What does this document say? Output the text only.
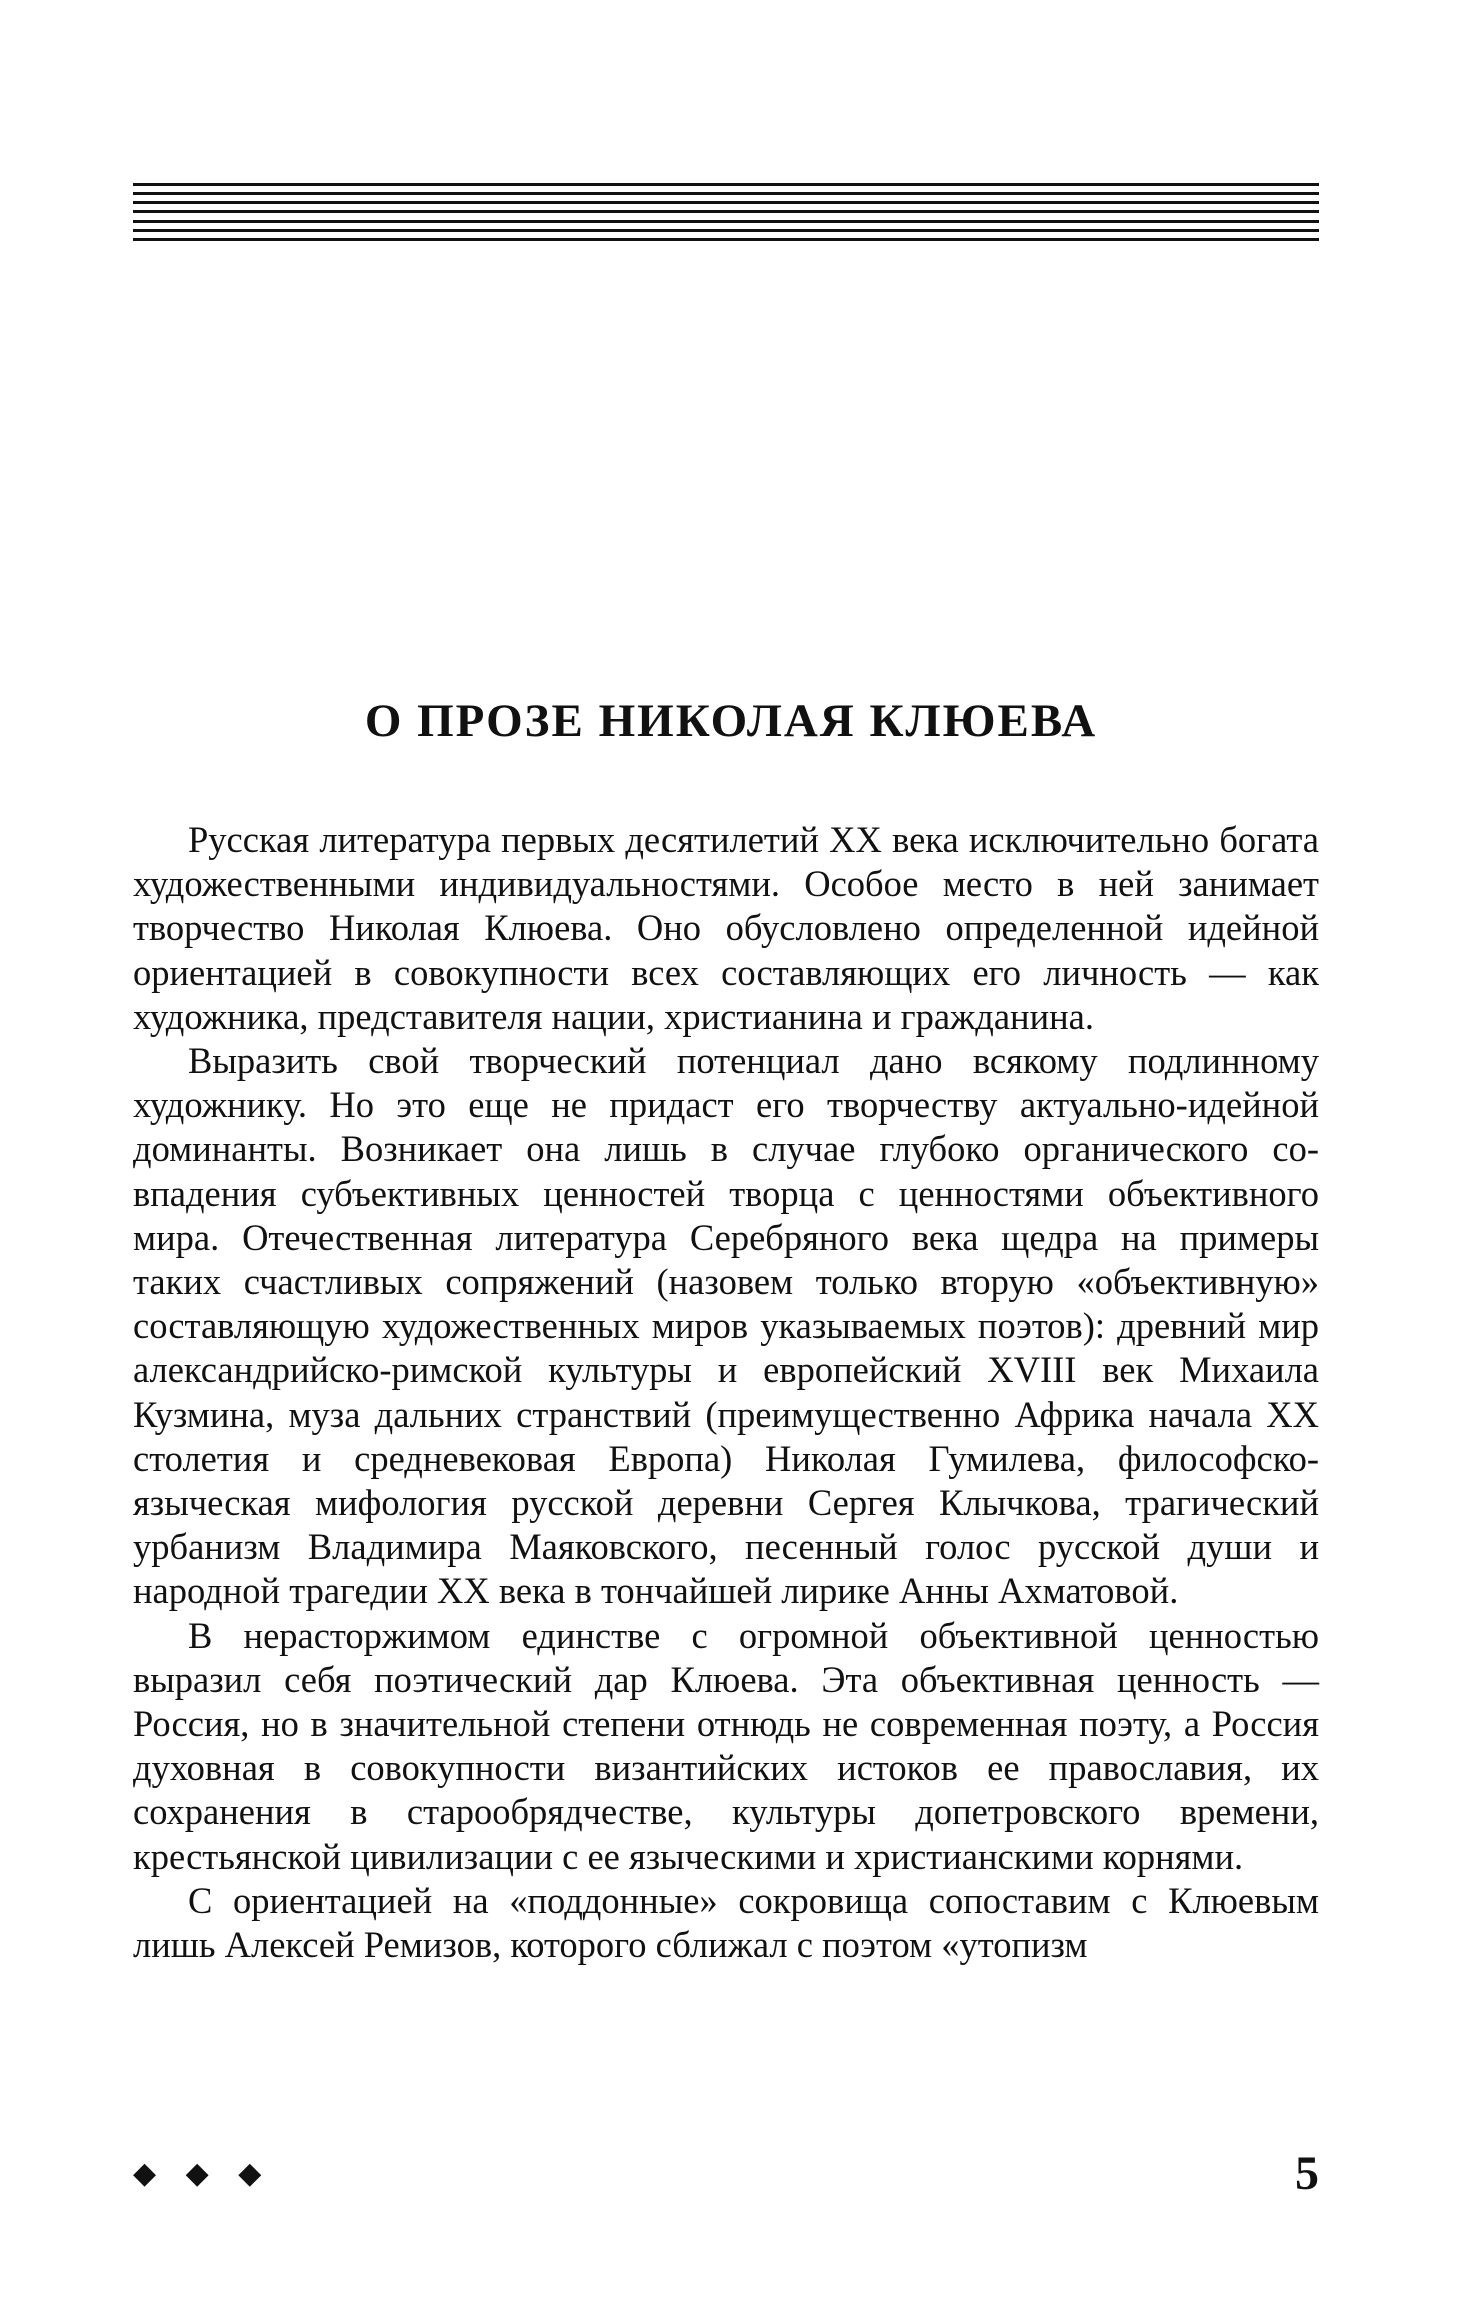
О ПРОЗЕ НИКОЛАЯ КЛЮЕВА

Русская литература первых десятилетий XX века исключительно богата художественными индивидуальностями. Особое место в ней занимает творчество Николая Клюева. Оно обусловлено определенной идейной ориентацией в совокупности всех составляющих его личность — как художника, представителя нации, христианина и гражданина.

Выразить свой творческий потенциал дано всякому подлинному художнику. Но это еще не придаст его творчеству актуально-идейной доминанты. Возникает она лишь в случае глубоко органического совпадения субъективных ценностей творца с ценностями объективного мира. Отечественная литература Серебряного века щедра на примеры таких счастливых сопряжений (назовем только вторую «объективную» составляющую художественных миров указываемых поэтов): древний мир александрийско-римской культуры и европейский XVIII век Михаила Кузмина, муза дальних странствий (преимущественно Африка начала XX столетия и средневековая Европа) Николая Гумилева, философско-языческая мифология русской деревни Сергея Клычкова, трагический урбанизм Владимира Маяковского, песенный голос русской души и народной трагедии XX века в тончайшей лирике Анны Ахматовой.

В нерасторжимом единстве с огромной объективной ценностью выразил себя поэтический дар Клюева. Эта объективная ценность — Россия, но в значительной степени отнюдь не современная поэту, а Россия духовная в совокупности византийских истоков ее православия, их сохранения в старообрядчестве, культуры допетровского времени, крестьянской цивилизации с ее языческими и христианскими корнями.

С ориентацией на «поддонные» сокровища сопоставим с Клюевым лишь Алексей Ремизов, которого сближал с поэтом «утопизм

◆ ◆ ◆	5
